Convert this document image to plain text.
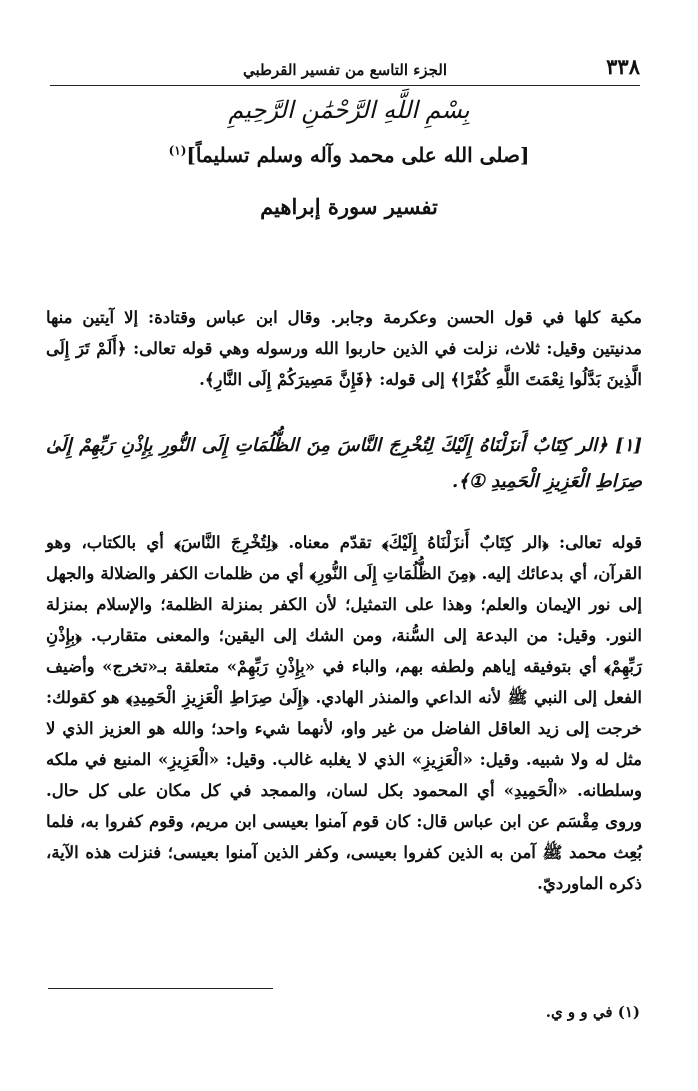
٣٣٨
الجزء التاسع من تفسير القرطبي
بِسْمِ اللَّهِ الرَّحْمَٰنِ الرَّحِيمِ
[صلى الله على محمد وآله وسلم تسليماً]$^{(١)}$
تفسير سورة إبراهيم

مكية كلها في قول الحسن وعكرمة وجابر. وقال ابن عباس وقتادة: إلا آيتين منها مدنيتين وقيل: ثلاث، نزلت في الذين حاربوا الله ورسوله وهي قوله تعالى: ﴿أَلَمْ تَرَ إِلَى الَّذِينَ بَدَّلُوا نِعْمَتَ اللَّهِ كُفْرًا﴾ إلى قوله: ﴿فَإِنَّ مَصِيرَكُمْ إِلَى النَّارِ﴾.

[١] ﴿الر كِتَابٌ أَنزَلْنَاهُ إِلَيْكَ لِتُخْرِجَ النَّاسَ مِنَ الظُّلُمَاتِ إِلَى النُّورِ بِإِذْنِ رَبِّهِمْ إِلَىٰ صِرَاطِ الْعَزِيزِ الْحَمِيدِ ①﴾.

قوله تعالى: ﴿الر كِتَابٌ أَنزَلْنَاهُ إِلَيْكَ﴾ تقدّم معناه. ﴿لِتُخْرِجَ النَّاسَ﴾ أي بالكتاب، وهو القرآن، أي بدعائك إليه. ﴿مِنَ الظُّلُمَاتِ إِلَى النُّورِ﴾ أي من ظلمات الكفر والضلالة والجهل إلى نور الإيمان والعلم؛ وهذا على التمثيل؛ لأن الكفر بمنزلة الظلمة؛ والإسلام بمنزلة النور. وقيل: من البدعة إلى السُّنة، ومن الشك إلى اليقين؛ والمعنى متقارب. ﴿بِإِذْنِ رَبِّهِمْ﴾ أي بتوفيقه إياهم ولطفه بهم، والباء في «بِإِذْنِ رَبِّهِمْ» متعلقة بـ«تخرج» وأضيف الفعل إلى النبي ﷺ لأنه الداعي والمنذر الهادي. ﴿إِلَىٰ صِرَاطِ الْعَزِيزِ الْحَمِيدِ﴾ هو كقولك: خرجت إلى زيد العاقل الفاضل من غير واو، لأنهما شيء واحد؛ والله هو العزيز الذي لا مثل له ولا شبيه. وقيل: «الْعَزِيزِ» الذي لا يغلبه غالب. وقيل: «الْعَزِيزِ» المنيع في ملكه وسلطانه. «الْحَمِيدِ» أي المحمود بكل لسان، والممجد في كل مكان على كل حال. وروى مِقْسَم عن ابن عباس قال: كان قوم آمنوا بعيسى ابن مريم، وقوم كفروا به، فلما بُعِث محمد ﷺ آمن به الذين كفروا بعيسى، وكفر الذين آمنوا بعيسى؛ فنزلت هذه الآية، ذكره الماورديّ.

(١) في و و ي.
